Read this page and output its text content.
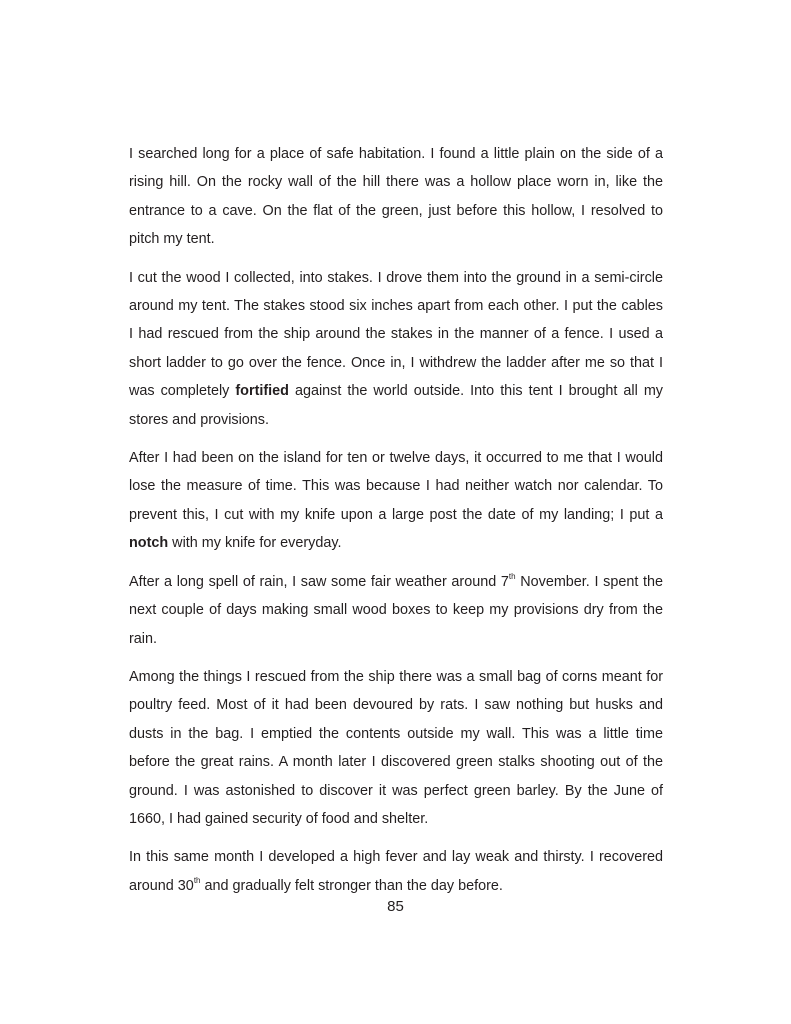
I searched long for a place of safe habitation. I found a little plain on the side of a rising hill. On the rocky wall of the hill there was a hollow place worn in, like the entrance to a cave. On the flat of the green, just before this hollow, I resolved to pitch my tent.

I cut the wood I collected, into stakes. I drove them into the ground in a semi-circle around my tent. The stakes stood six inches apart from each other. I put the cables I had rescued from the ship around the stakes in the manner of a fence. I used a short ladder to go over the fence. Once in, I withdrew the ladder after me so that I was completely fortified against the world outside. Into this tent I brought all my stores and provisions.

After I had been on the island for ten or twelve days, it occurred to me that I would lose the measure of time. This was because I had neither watch nor calendar. To prevent this, I cut with my knife upon a large post the date of my landing; I put a notch with my knife for everyday.

After a long spell of rain, I saw some fair weather around 7th November. I spent the next couple of days making small wood boxes to keep my provisions dry from the rain.

Among the things I rescued from the ship there was a small bag of corns meant for poultry feed. Most of it had been devoured by rats. I saw nothing but husks and dusts in the bag. I emptied the contents outside my wall. This was a little time before the great rains. A month later I discovered green stalks shooting out of the ground. I was astonished to discover it was perfect green barley. By the June of 1660, I had gained security of food and shelter.

In this same month I developed a high fever and lay weak and thirsty. I recovered around 30th and gradually felt stronger than the day before.

85
